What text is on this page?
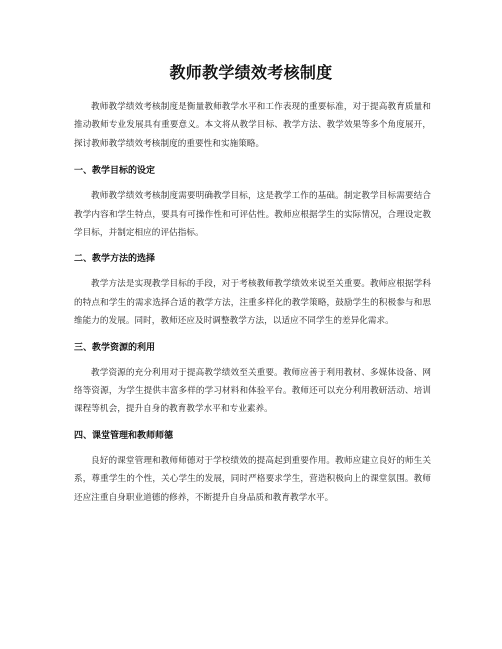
教师教学绩效考核制度

教师教学绩效考核制度是衡量教师教学水平和工作表现的重要标准，对于提高教育质量和推动教师专业发展具有重要意义。本文将从教学目标、教学方法、教学效果等多个角度展开，探讨教师教学绩效考核制度的重要性和实施策略。

一、教学目标的设定

教师教学绩效考核制度需要明确教学目标，这是教学工作的基础。制定教学目标需要结合教学内容和学生特点，要具有可操作性和可评估性。教师应根据学生的实际情况，合理设定教学目标，并制定相应的评估指标。

二、教学方法的选择

教学方法是实现教学目标的手段，对于考核教师教学绩效来说至关重要。教师应根据学科的特点和学生的需求选择合适的教学方法，注重多样化的教学策略，鼓励学生的积极参与和思维能力的发展。同时，教师还应及时调整教学方法，以适应不同学生的差异化需求。

三、教学资源的利用

教学资源的充分利用对于提高教学绩效至关重要。教师应善于利用教材、多媒体设备、网络等资源，为学生提供丰富多样的学习材料和体验平台。教师还可以充分利用教研活动、培训课程等机会，提升自身的教育教学水平和专业素养。

四、课堂管理和教师师德

良好的课堂管理和教师师德对于学校绩效的提高起到重要作用。教师应建立良好的师生关系，尊重学生的个性，关心学生的发展，同时严格要求学生，营造积极向上的课堂氛围。教师还应注重自身职业道德的修养，不断提升自身品质和教育教学水平。
